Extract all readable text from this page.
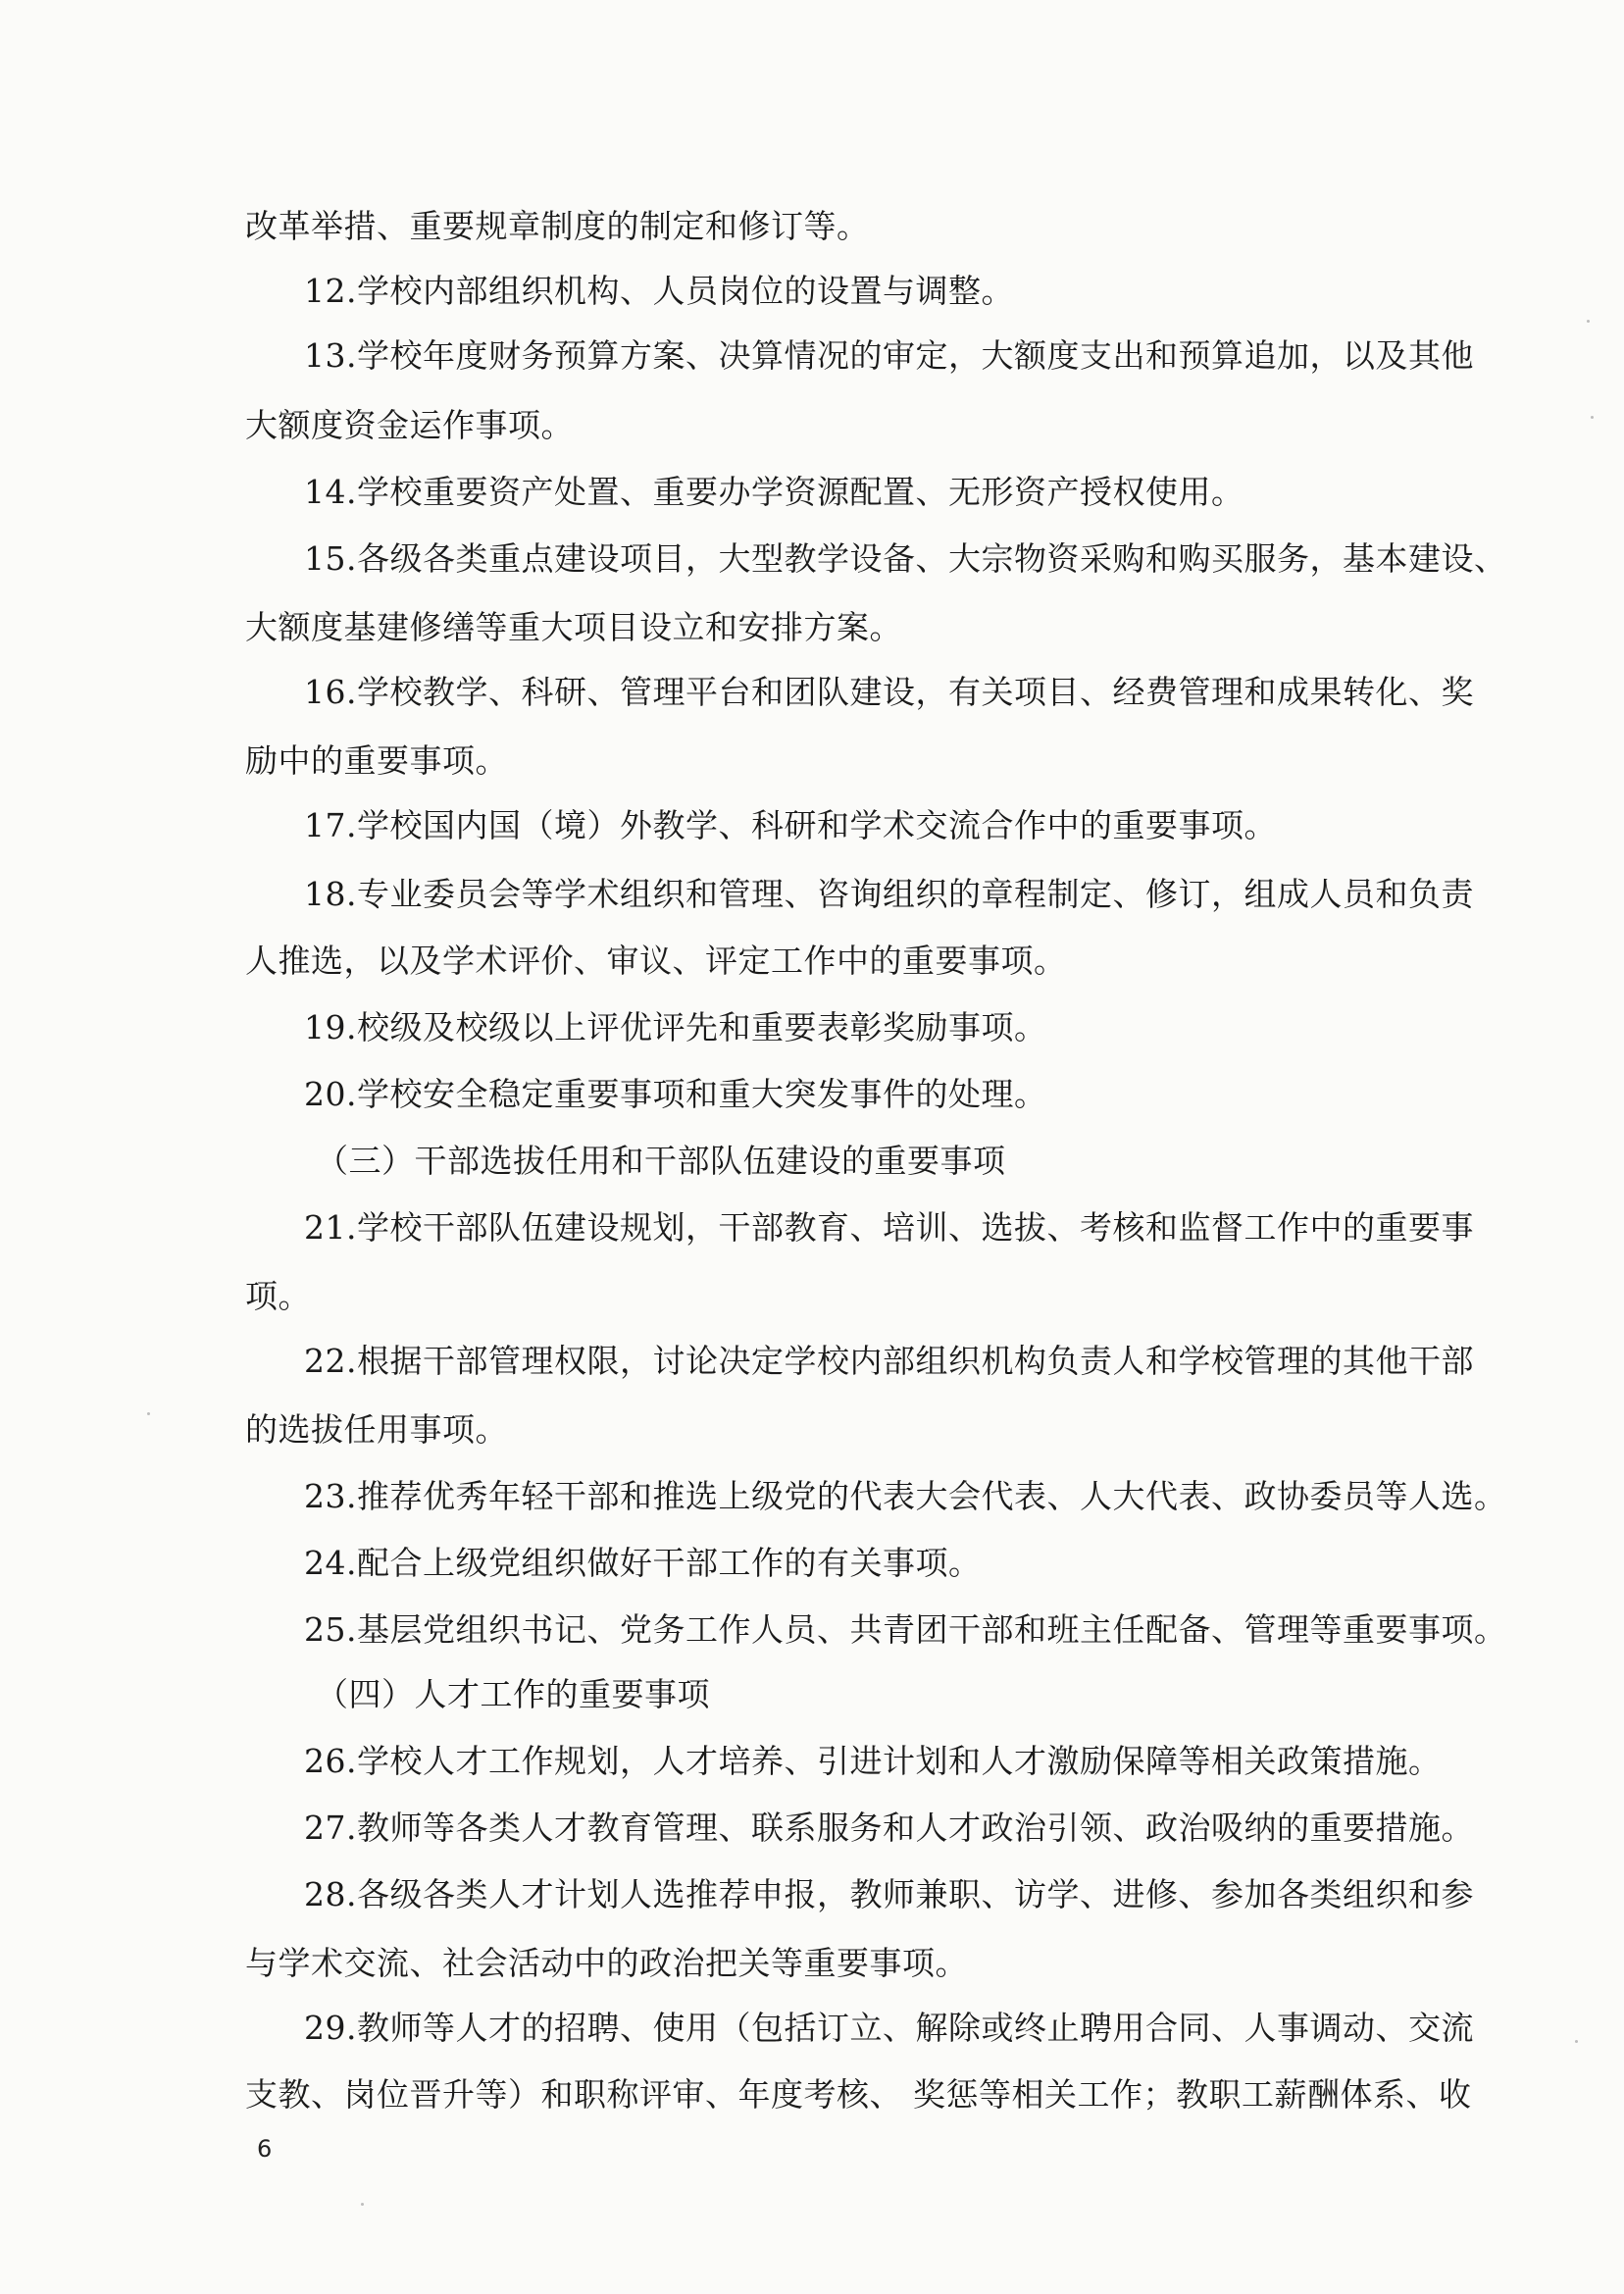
改革举措、重要规章制度的制定和修订等。
12.学校内部组织机构、人员岗位的设置与调整。
13.学校年度财务预算方案、决算情况的审定，大额度支出和预算追加，以及其他
大额度资金运作事项。
14.学校重要资产处置、重要办学资源配置、无形资产授权使用。
15.各级各类重点建设项目，大型教学设备、大宗物资采购和购买服务，基本建设、
大额度基建修缮等重大项目设立和安排方案。
16.学校教学、科研、管理平台和团队建设，有关项目、经费管理和成果转化、奖
励中的重要事项。
17.学校国内国（境）外教学、科研和学术交流合作中的重要事项。
18.专业委员会等学术组织和管理、咨询组织的章程制定、修订，组成人员和负责
人推选，以及学术评价、审议、评定工作中的重要事项。
19.校级及校级以上评优评先和重要表彰奖励事项。
20.学校安全稳定重要事项和重大突发事件的处理。
（三）干部选拔任用和干部队伍建设的重要事项
21.学校干部队伍建设规划，干部教育、培训、选拔、考核和监督工作中的重要事
项。
22.根据干部管理权限，讨论决定学校内部组织机构负责人和学校管理的其他干部
的选拔任用事项。
23.推荐优秀年轻干部和推选上级党的代表大会代表、人大代表、政协委员等人选。
24.配合上级党组织做好干部工作的有关事项。
25.基层党组织书记、党务工作人员、共青团干部和班主任配备、管理等重要事项。
（四）人才工作的重要事项
26.学校人才工作规划，人才培养、引进计划和人才激励保障等相关政策措施。
27.教师等各类人才教育管理、联系服务和人才政治引领、政治吸纳的重要措施。
28.各级各类人才计划人选推荐申报，教师兼职、访学、进修、参加各类组织和参
与学术交流、社会活动中的政治把关等重要事项。
29.教师等人才的招聘、使用（包括订立、解除或终止聘用合同、人事调动、交流
支教、岗位晋升等）和职称评审、年度考核、 奖惩等相关工作；教职工薪酬体系、收
6
